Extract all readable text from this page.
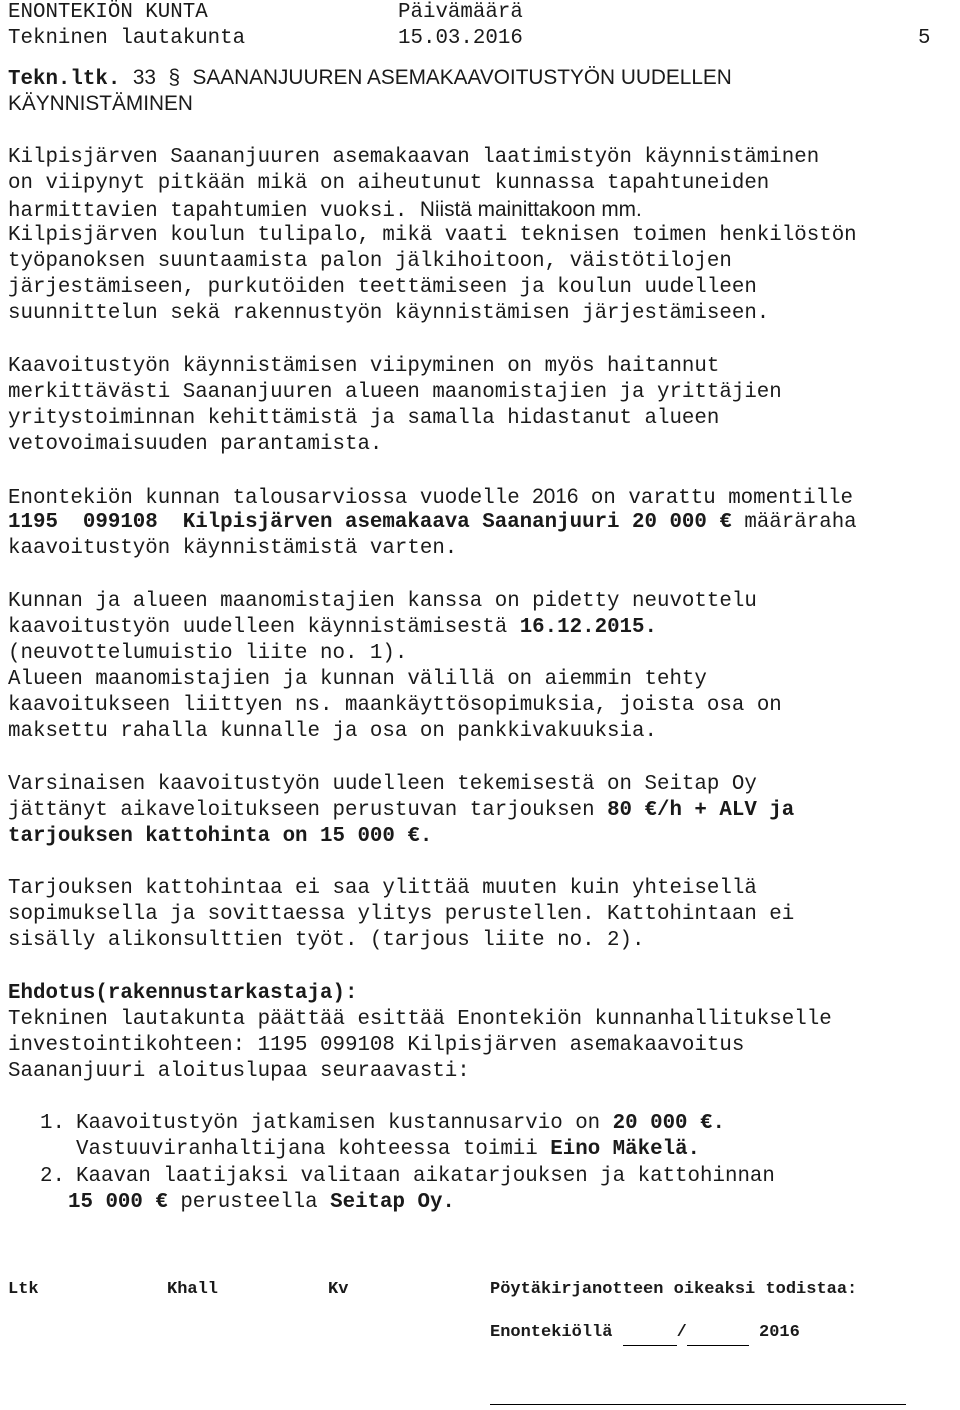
ENONTEKIÖN KUNTA	Päivämäärä
Tekninen lautakunta	15.03.2016	5
Tekn.ltk. 33 § SAANANJUUREN ASEMAKAAVOITUSTYÖN UUDELLEN
KÄYNNISTÄMINEN
Kilpisjärven Saananjuuren asemakaavan laatimistyön käynnistäminen
on viipynyt pitkään mikä on aiheutunut kunnassa tapahtuneiden
harmittavien tapahtumien vuoksi. Niistä mainittakoon mm.
Kilpisjärven koulun tulipalo, mikä vaati teknisen toimen henkilöstön
työpanoksen suuntaamista palon jälkihoitoon, väistötilojen
järjestämiseen, purkutöiden teettämiseen ja koulun uudelleen
suunnittelun sekä rakennustyön käynnistämisen järjestämiseen.
Kaavoitustyön käynnistämisen viipyminen on myös haitannut
merkittävästi Saananjuuren alueen maanomistajien ja yrittäjien
yritystoiminnan kehittämistä ja samalla hidastanut alueen
vetovoimaisuuden parantamista.
Enontekiön kunnan talousarviossa vuodelle 2016 on varattu momentille
1195  099108  Kilpisjärven asemakaava Saananjuuri 20 000 € määräraha
kaavoitustyön käynnistämistä varten.
Kunnan ja alueen maanomistajien kanssa on pidetty neuvottelu
kaavoitustyön uudelleen käynnistämisestä 16.12.2015.
(neuvottelumuistio liite no. 1).
Alueen maanomistajien ja kunnan välillä on aiemmin tehty
kaavoitukseen liittyen ns. maankäyttösopimuksia, joista osa on
maksettu rahalla kunnalle ja osa on pankkivakuuksia.
Varsinaisen kaavoitustyön uudelleen tekemisestä on Seitap Oy
jättänyt aikaveloitukseen perustuvan tarjouksen 80 €/h + ALV ja
tarjouksen kattohinta on 15 000 €.
Tarjouksen kattohintaa ei saa ylittää muuten kuin yhteisellä
sopimuksella ja sovittaessa ylitys perustellen. Kattohintaan ei
sisälly alikonsulttien työt. (tarjous liite no. 2).
Ehdotus(rakennustarkastaja):
Tekninen lautakunta päättää esittää Enontekiön kunnanhallitukselle
investointikohteen: 1195 099108 Kilpisjärven asemakaavoitus
Saananjuuri aloituslupaa seuraavasti:
1. Kaavoitustyön jatkamisen kustannusarvio on 20 000 €.
Vastuuviranhaltijana kohteessa toimii Eino Mäkelä.
2. Kaavan laatijaksi valitaan aikatarjouksen ja kattohinnan
15 000 € perusteella Seitap Oy.
Ltk	Khall	Kv	Pöytäkirjanotteen oikeaksi todistaa:
Enontekiöllä	/	2016
